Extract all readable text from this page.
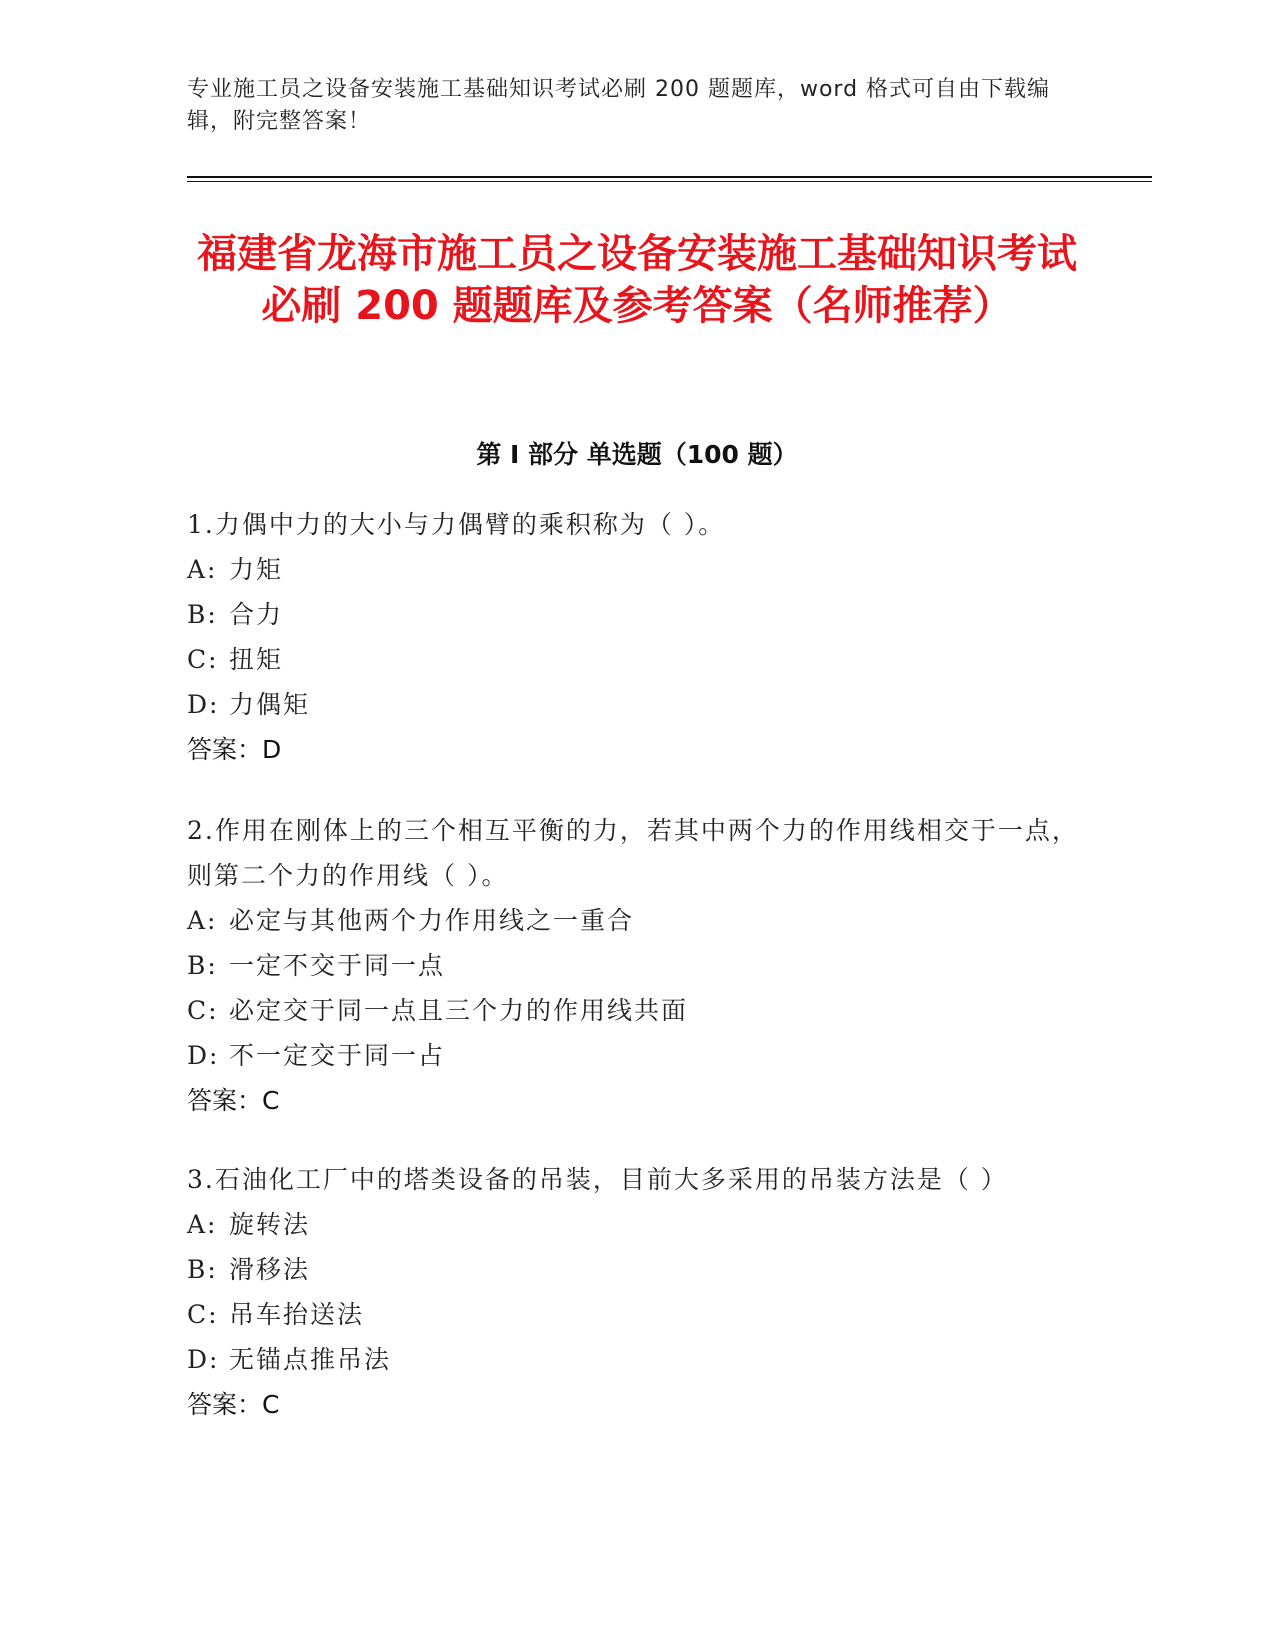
专业施工员之设备安装施工基础知识考试必刷 200 题题库，word 格式可自由下载编辑，附完整答案！
福建省龙海市施工员之设备安装施工基础知识考试必刷 200 题题库及参考答案（名师推荐）
第 I 部分 单选题（100 题）

1.力偶中力的大小与力偶臂的乘积称为（ ）。

A: 力矩

B: 合力

C: 扭矩

D: 力偶矩

答案：D

2.作用在刚体上的三个相互平衡的力，若其中两个力的作用线相交于一点，则第二个力的作用线（ ）。

A: 必定与其他两个力作用线之一重合

B: 一定不交于同一点

C: 必定交于同一点且三个力的作用线共面

D: 不一定交于同一占

答案：C

3.石油化工厂中的塔类设备的吊装，目前大多采用的吊装方法是（ ）

A: 旋转法

B: 滑移法

C: 吊车抬送法

D: 无锚点推吊法

答案：C
